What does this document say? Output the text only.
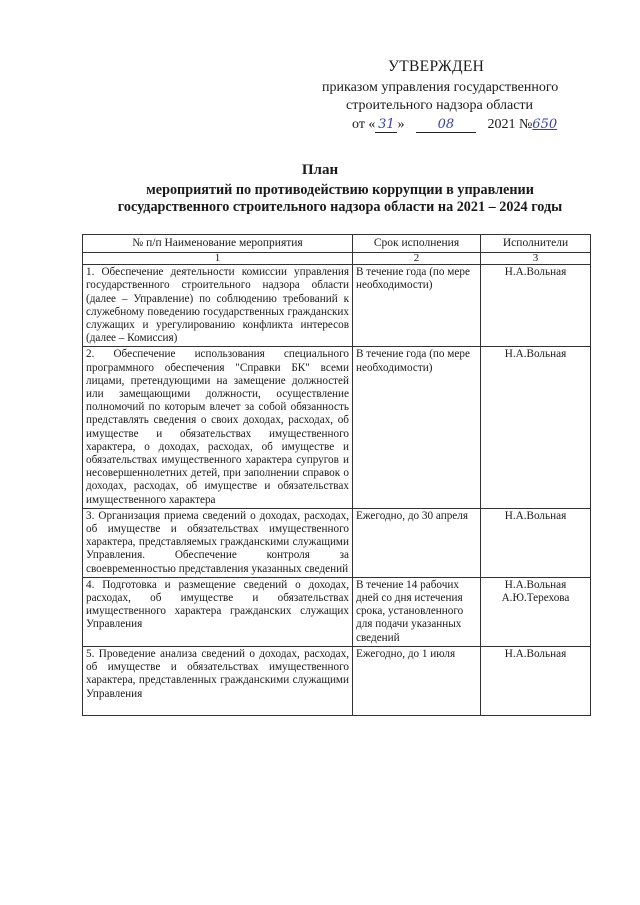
УТВЕРЖДЕН
приказом управления государственного
строительного надзора области
от « 31 »	08 2021 №650
План
мероприятий по противодействию коррупции в управлении
государственного строительного надзора области на 2021 – 2024 годы
№ п/п Наименование мероприятия	Срок исполнения	Исполнители
1	2	3
1. Обеспечение деятельности комиссии управления государственного строительного надзора области (далее – Управление) по соблюдению требований к служебному поведению государственных гражданских служащих и урегулированию конфликта интересов (далее – Комиссия)	В течение года (по мере необходимости)	Н.А.Вольная
2. Обеспечение использования специального программного обеспечения "Справки БК" всеми лицами, претендующими на замещение должностей или замещающими должности, осуществление полномочий по которым влечет за собой обязанность представлять сведения о своих доходах, расходах, об имуществе и обязательствах имущественного характера, о доходах, расходах, об имуществе и обязательствах имущественного характера супругов и несовершеннолетних детей, при заполнении справок о доходах, расходах, об имуществе и обязательствах имущественного характера	В течение года (по мере необходимости)	Н.А.Вольная
3. Организация приема сведений о доходах, расходах, об имуществе и обязательствах имущественного характера, представляемых гражданскими служащими Управления. Обеспечение контроля за своевременностью представления указанных сведений	Ежегодно, до 30 апреля	Н.А.Вольная
4. Подготовка и размещение сведений о доходах, расходах, об имуществе и обязательствах имущественного характера гражданских служащих Управления	В течение 14 рабочих дней со дня истечения срока, установленного для подачи указанных сведений	Н.А.Вольная А.Ю.Терехова
5. Проведение анализа сведений о доходах, расходах, об имуществе и обязательствах имущественного характера, представленных гражданскими служащими Управления	Ежегодно, до 1 июля	Н.А.Вольная
